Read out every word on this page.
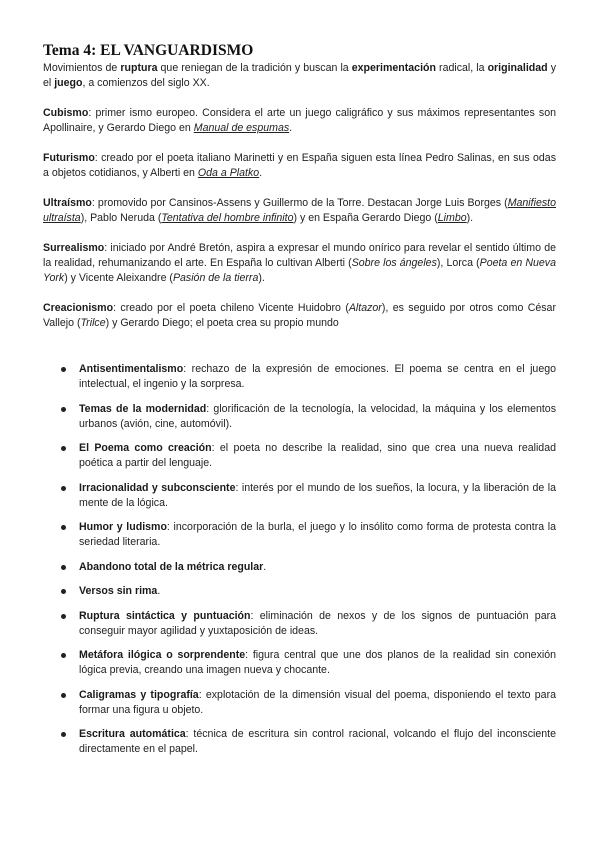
Tema 4: EL VANGUARDISMO

Movimientos de ruptura que reniegan de la tradición y buscan la experimentación radical, la originalidad y el juego, a comienzos del siglo XX.

Cubismo: primer ismo europeo. Considera el arte un juego caligráfico y sus máximos representantes son Apollinaire, y Gerardo Diego en Manual de espumas.

Futurismo: creado por el poeta italiano Marinetti y en España siguen esta línea Pedro Salinas, en sus odas a objetos cotidianos, y Alberti en Oda a Platko.

Ultraísmo: promovido por Cansinos-Assens y Guillermo de la Torre. Destacan Jorge Luis Borges (Manifiesto ultraísta), Pablo Neruda (Tentativa del hombre infinito) y en España Gerardo Diego (Limbo).

Surrealismo: iniciado por André Bretón, aspira a expresar el mundo onírico para revelar el sentido último de la realidad, rehumanizando el arte. En España lo cultivan Alberti (Sobre los ángeles), Lorca (Poeta en Nueva York) y Vicente Aleixandre (Pasión de la tierra).

Creacionismo: creado por el poeta chileno Vicente Huidobro (Altazor), es seguido por otros como César Vallejo (Trilce) y Gerardo Diego; el poeta crea su propio mundo

Antisentimentalismo: rechazo de la expresión de emociones. El poema se centra en el juego intelectual, el ingenio y la sorpresa.
Temas de la modernidad: glorificación de la tecnología, la velocidad, la máquina y los elementos urbanos (avión, cine, automóvil).
El Poema como creación: el poeta no describe la realidad, sino que crea una nueva realidad poética a partir del lenguaje.
Irracionalidad y subconsciente: interés por el mundo de los sueños, la locura, y la liberación de la mente de la lógica.
Humor y ludismo: incorporación de la burla, el juego y lo insólito como forma de protesta contra la seriedad literaria.
Abandono total de la métrica regular.
Versos sin rima.
Ruptura sintáctica y puntuación: eliminación de nexos y de los signos de puntuación para conseguir mayor agilidad y yuxtaposición de ideas.
Metáfora ilógica o sorprendente: figura central que une dos planos de la realidad sin conexión lógica previa, creando una imagen nueva y chocante.
Caligramas y tipografía: explotación de la dimensión visual del poema, disponiendo el texto para formar una figura u objeto.
Escritura automática: técnica de escritura sin control racional, volcando el flujo del inconsciente directamente en el papel.
